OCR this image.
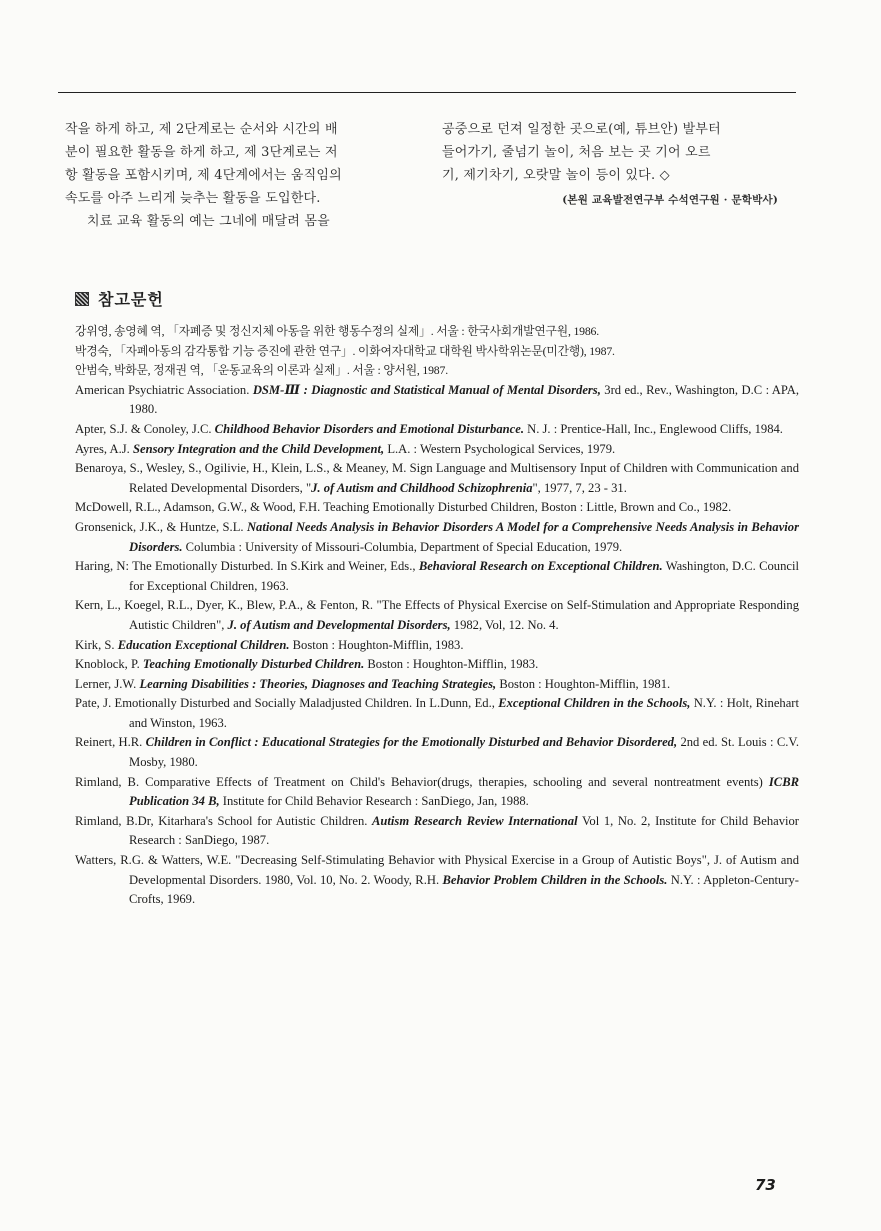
작을 하게 하고, 제 2단계로는 순서와 시간의 배
분이 필요한 활동을 하게 하고, 제 3단계로는 저
항 활동을 포함시키며, 제 4단계에서는 움직임의
속도를 아주 느리게 늦추는 활동을 도입한다.
치료 교육 활동의 예는 그네에 매달려 몸을
공중으로 던져 일정한 곳으로(예, 튜브안) 발부터
들어가기, 줄넘기 놀이, 처음 보는 곳 기어 오르
기, 제기차기, 오랏말 놀이 등이 있다. ◇
(본원 교육발전연구부 수석연구원 · 문학박사)
참고문헌

강위영, 송영혜 역, 「자폐증 및 정신지체 아동을 위한 행동수정의 실제」. 서울 : 한국사회개발연구원, 1986.

박경숙, 「자폐아동의 감각통합 기능 증진에 관한 연구」. 이화여자대학교 대학원 박사학위논문(미간행), 1987.

안범숙, 박화문, 정재권 역, 「운동교육의 이론과 실제」. 서울 : 양서원, 1987.

American Psychiatric Association. DSM-Ⅲ : Diagnostic and Statistical Manual of Mental Disorders, 3rd ed., Rev., Washington, D.C : APA, 1980.

Apter, S.J. & Conoley, J.C. Childhood Behavior Disorders and Emotional Disturbance. N. J. : Prentice-Hall, Inc., Englewood Cliffs, 1984.

Ayres, A.J. Sensory Integration and the Child Development, L.A. : Western Psychological Services, 1979.

Benaroya, S., Wesley, S., Ogilivie, H., Klein, L.S., & Meaney, M. Sign Language and Multisensory Input of Children with Communication and Related Developmental Disorders, "J. of Autism and Childhood Schizophrenia", 1977, 7, 23 - 31.

McDowell, R.L., Adamson, G.W., & Wood, F.H. Teaching Emotionally Disturbed Children, Boston : Little, Brown and Co., 1982.

Gronsenick, J.K., & Huntze, S.L. National Needs Analysis in Behavior Disorders A Model for a Comprehensive Needs Analysis in Behavior Disorders. Columbia : University of Missouri-Columbia, Department of Special Education, 1979.

Haring, N: The Emotionally Disturbed. In S.Kirk and Weiner, Eds., Behavioral Research on Exceptional Children. Washington, D.C. Council for Exceptional Children, 1963.

Kern, L., Koegel, R.L., Dyer, K., Blew, P.A., & Fenton, R. "The Effects of Physical Exercise on Self-Stimulation and Appropriate Responding Autistic Children", J. of Autism and Developmental Disorders, 1982, Vol, 12. No. 4.

Kirk, S. Education Exceptional Children. Boston : Houghton-Mifflin, 1983.

Knoblock, P. Teaching Emotionally Disturbed Children. Boston : Houghton-Mifflin, 1983.

Lerner, J.W. Learning Disabilities : Theories, Diagnoses and Teaching Strategies, Boston : Houghton-Mifflin, 1981.

Pate, J. Emotionally Disturbed and Socially Maladjusted Children. In L.Dunn, Ed., Exceptional Children in the Schools, N.Y. : Holt, Rinehart and Winston, 1963.

Reinert, H.R. Children in Conflict : Educational Strategies for the Emotionally Disturbed and Behavior Disordered, 2nd ed. St. Louis : C.V. Mosby, 1980.

Rimland, B. Comparative Effects of Treatment on Child's Behavior(drugs, therapies, schooling and several nontreatment events) ICBR Publication 34 B, Institute for Child Behavior Research : SanDiego, Jan, 1988.

Rimland, B.Dr, Kitarhara's School for Autistic Children. Autism Research Review International Vol 1, No. 2, Institute for Child Behavior Research : SanDiego, 1987.

Watters, R.G. & Watters, W.E. "Decreasing Self-Stimulating Behavior with Physical Exercise in a Group of Autistic Boys", J. of Autism and Developmental Disorders. 1980, Vol. 10, No. 2. Woody, R.H. Behavior Problem Children in the Schools. N.Y. : Appleton-Century-Crofts, 1969.

73
